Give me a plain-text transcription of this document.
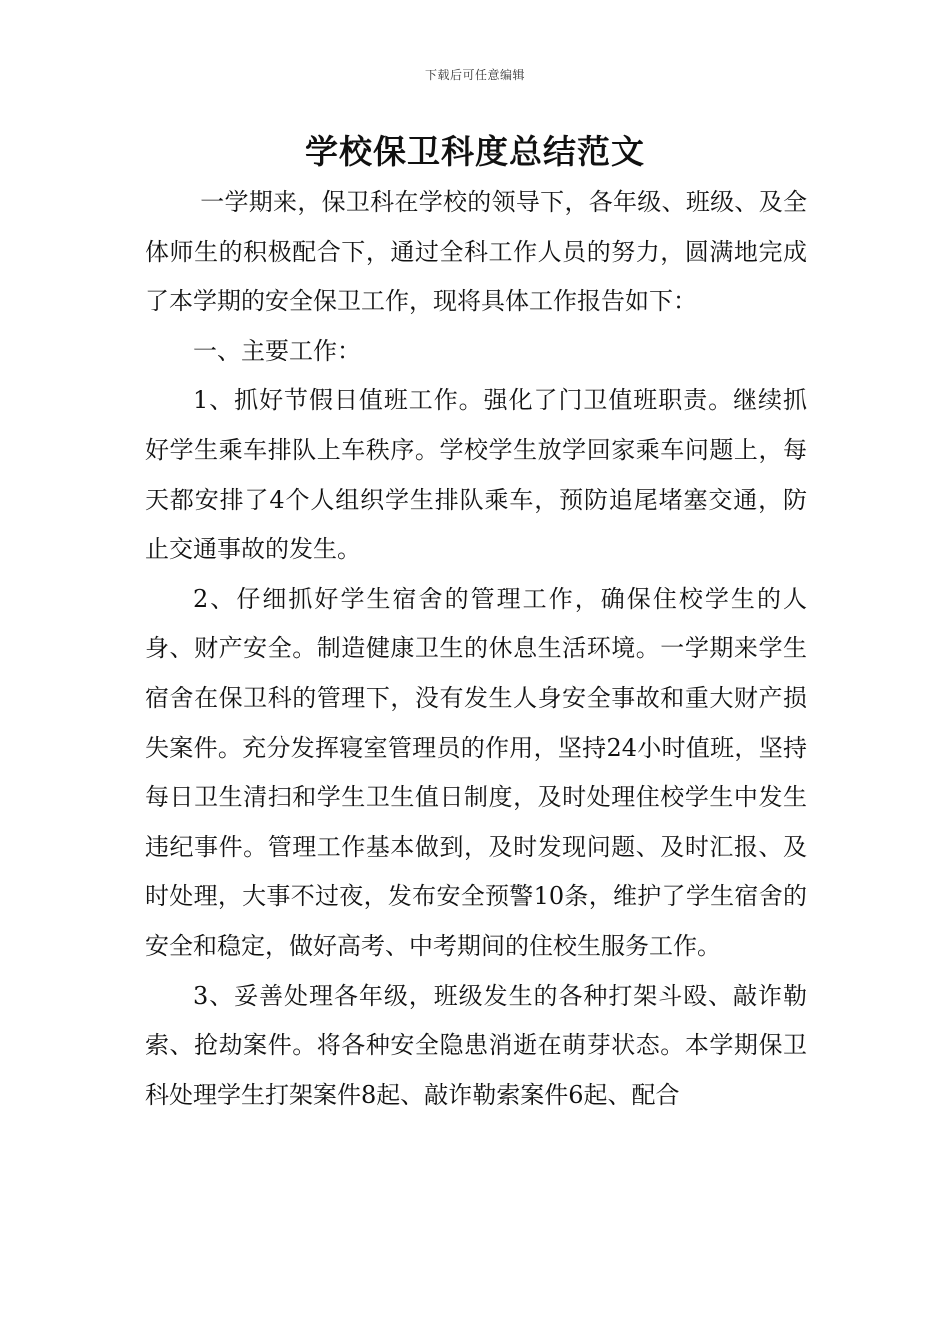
下载后可任意编辑
学校保卫科度总结范文

一学期来，保卫科在学校的领导下，各年级、班级、及全体师生的积极配合下，通过全科工作人员的努力，圆满地完成了本学期的安全保卫工作，现将具体工作报告如下：

一、主要工作：

1、抓好节假日值班工作。强化了门卫值班职责。继续抓好学生乘车排队上车秩序。学校学生放学回家乘车问题上，每天都安排了4个人组织学生排队乘车，预防追尾堵塞交通，防止交通事故的发生。

2、仔细抓好学生宿舍的管理工作，确保住校学生的人身、财产安全。制造健康卫生的休息生活环境。一学期来学生宿舍在保卫科的管理下，没有发生人身安全事故和重大财产损失案件。充分发挥寝室管理员的作用，坚持24小时值班，坚持每日卫生清扫和学生卫生值日制度，及时处理住校学生中发生违纪事件。管理工作基本做到，及时发现问题、及时汇报、及时处理，大事不过夜，发布安全预警10条，维护了学生宿舍的安全和稳定，做好高考、中考期间的住校生服务工作。

3、妥善处理各年级，班级发生的各种打架斗殴、敲诈勒索、抢劫案件。将各种安全隐患消逝在萌芽状态。本学期保卫科处理学生打架案件8起、敲诈勒索案件6起、配合
